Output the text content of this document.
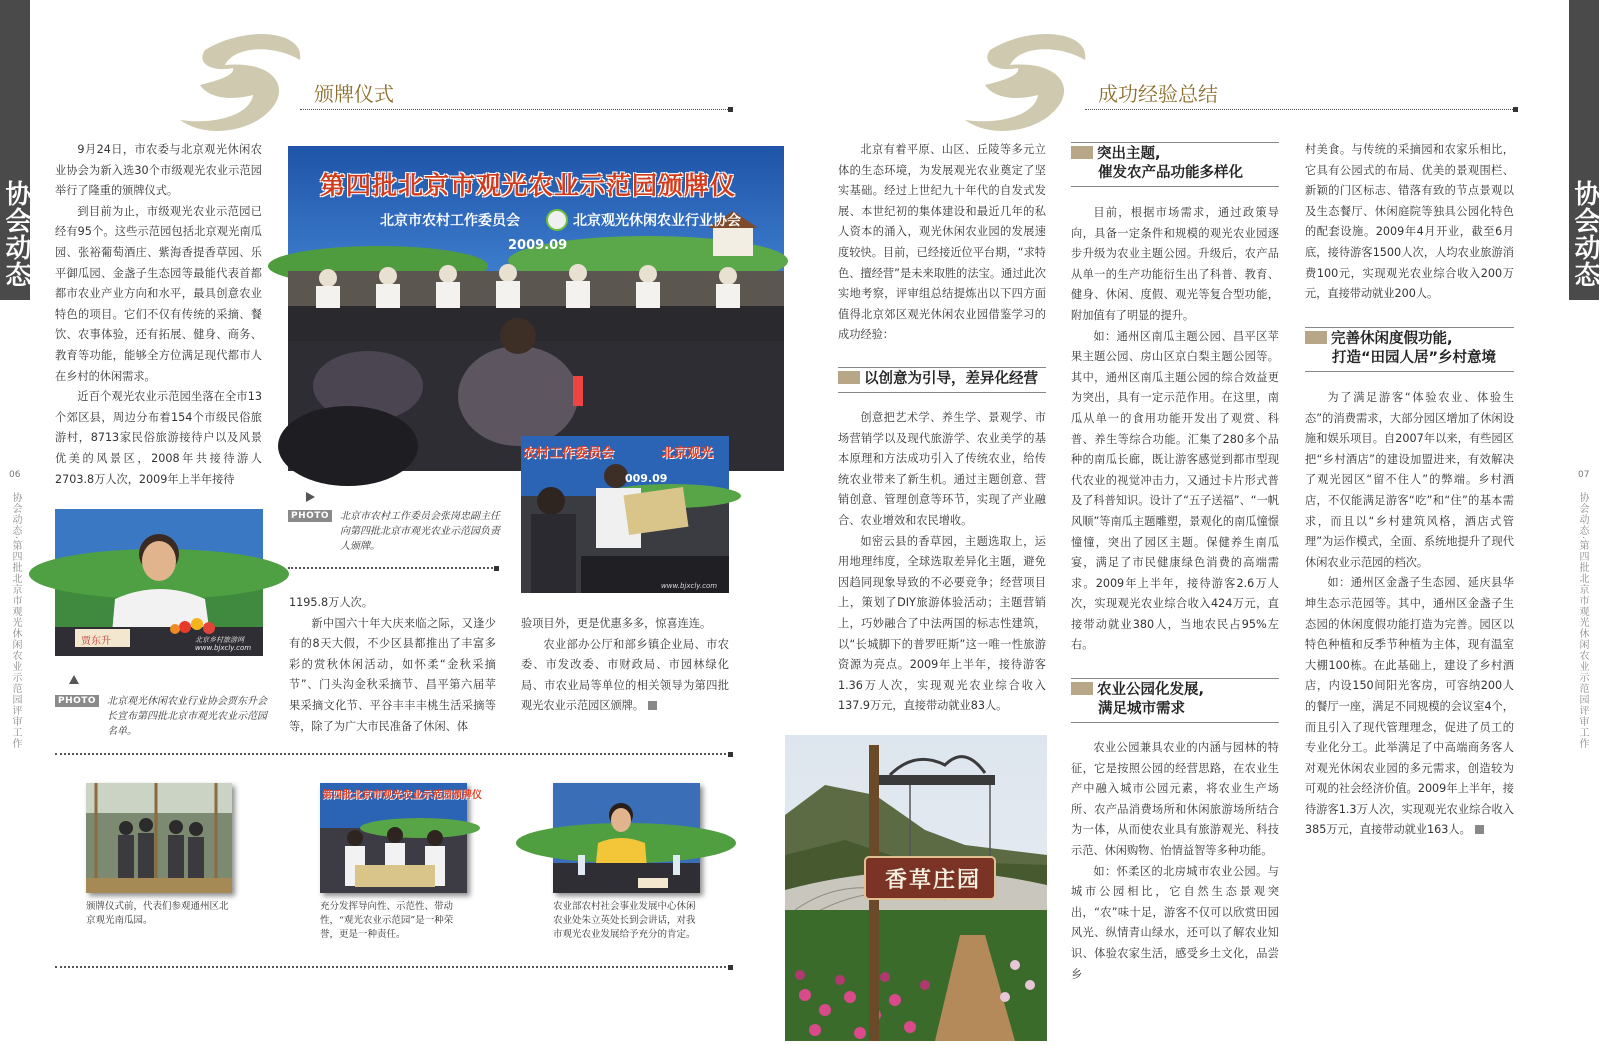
协会动态	协会动态
06
协会动态·第四批北京市观光休闲农业示范园评审工作
07
协会动态·第四批北京市观光休闲农业示范园评审工作
颁牌仪式	成功经验总结

9月24日，市农委与北京观光休闲农业协会为新入选30个市级观光农业示范园举行了隆重的颁牌仪式。

到目前为止，市级观光农业示范园已经有95个。这些示范园包括北京观光南瓜园、张裕葡萄酒庄、紫海香提香草园、乐平御瓜园、金盏子生态园等最能代表首都都市农业产业方向和水平，最具创意农业特色的项目。它们不仅有传统的采摘、餐饮、农事体验，还有拓展、健身、商务、教育等功能，能够全方位满足现代都市人在乡村的休闲需求。

近百个观光农业示范园坐落在全市13个郊区县，周边分布着154个市级民俗旅游村，8713家民俗旅游接待户以及风景优美的风景区，2008年共接待游人2703.8万人次，2009年上半年接待

1195.8万人次。

新中国六十年大庆来临之际，又逢少有的8天大假，不少区县都推出了丰富多彩的赏秋休闲活动，如怀柔“金秋采摘节”、门头沟金秋采摘节、昌平第六届苹果采摘文化节、平谷丰丰丰桃生活采摘等等，除了为广大市民准备了休闲、体

验项目外，更是优惠多多，惊喜连连。

农业部办公厅和部乡镇企业局、市农委、市发改委、市财政局、市园林绿化局、市农业局等单位的相关领导为第四批观光农业示范园区颁牌。

第四批北京市观光农业示范园颁牌仪
北京市农村工作委员会	北京观光休闲农业行业协会
2009.09
农村工作委员会	北京观光
009.09
www.bjxcly.com
PHOTO	北京市农村工作委员会张岗忠副主任向第四批北京市观光农业示范园负责人颁牌。
贾东升	北京乡村旅游网
www.bjxcly.com
PHOTO	北京观光休闲农业行业协会贾东升会长宣布第四批北京市观光农业示范园名单。
颁牌仪式前，代表们参观通州区北京观光南瓜园。
第四批北京市观光农业示范园颁牌仪
充分发挥导向性、示范性、带动性，“观光农业示范园”是一种荣誉，更是一种责任。
农业部农村社会事业发展中心休闲农业处朱立英处长到会讲话，对我市观光农业发展给予充分的肯定。

北京有着平原、山区、丘陵等多元立体的生态环境，为发展观光农业奠定了坚实基础。经过上世纪九十年代的自发式发展、本世纪初的集体建设和最近几年的私人资本的涌入，观光休闲农业园的发展速度较快。目前，已经接近位平台期，“求特色、擅经营”是未来取胜的法宝。通过此次实地考察，评审组总结提炼出以下四方面值得北京郊区观光休闲农业园借鉴学习的成功经验：

以创意为引导，差异化经营

创意把艺术学、养生学、景观学、市场营销学以及现代旅游学、农业美学的基本原理和方法成功引入了传统农业，给传统农业带来了新生机。通过主题创意、营销创意、管理创意等环节，实现了产业融合、农业增效和农民增收。

如密云县的香草园，主题选取上，运用地理纬度，全球选取差异化主题，避免因趋同现象导致的不必要竞争；经营项目上，策划了DIY旅游体验活动；主题营销上，巧妙融合了中法两国的标志性建筑，以“长城脚下的普罗旺斯”这一唯一性旅游资源为亮点。2009年上半年，接待游客1.36万人次，实现观光农业综合收入137.9万元，直接带动就业83人。

突出主题,
催发农产品功能多样化

目前，根据市场需求，通过政策导向，具备一定条件和规模的观光农业园逐步升级为农业主题公园。升级后，农产品从单一的生产功能衍生出了科普、教育、健身、休闲、度假、观光等复合型功能，附加值有了明显的提升。

如：通州区南瓜主题公园、昌平区苹果主题公园、房山区京白梨主题公园等。其中，通州区南瓜主题公园的综合效益更为突出，具有一定示范作用。在这里，南瓜从单一的食用功能开发出了观赏、科普、养生等综合功能。汇集了280多个品种的南瓜长廊，既让游客感觉到都市型现代农业的视觉冲击力，又通过卡片形式普及了科普知识。设计了“五子送福”、“一帆风顺”等南瓜主题雕塑，景观化的南瓜憧憬憧憧，突出了园区主题。保健养生南瓜宴，满足了市民健康绿色消费的高端需求。2009年上半年，接待游客2.6万人次，实现观光农业综合收入424万元，直接带动就业380人，当地农民占95%左右。

农业公园化发展,
满足城市需求

农业公园兼具农业的内涵与园林的特征，它是按照公园的经营思路，在农业生产中融入城市公园元素，将农业生产场所、农产品消费场所和休闲旅游场所结合为一体，从而使农业具有旅游观光、科技示范、休闲购物、怡情益智等多种功能。

如：怀柔区的北房城市农业公园。与城市公园相比，它自然生态景观突出，“农”味十足，游客不仅可以欣赏田园风光、纵情青山绿水，还可以了解农业知识、体验农家生活，感受乡土文化，品尝乡

村美食。与传统的采摘园和农家乐相比，它具有公园式的布局、优美的景观围栏、新颖的门区标志、错落有致的节点景观以及生态餐厅、休闲庭院等独具公园化特色的配套设施。2009年4月开业，截至6月底，接待游客1500人次，人均农业旅游消费100元，实现观光农业综合收入200万元，直接带动就业200人。

完善休闲度假功能,
打造“田园人居”乡村意境

为了满足游客“体验农业、体验生态”的消费需求，大部分园区增加了休闲设施和娱乐项目。自2007年以来，有些园区把“乡村酒店”的建设加盟进来，有效解决了观光园区“留不住人”的弊端。乡村酒店，不仅能满足游客“吃”和“住”的基本需求，而且以“乡村建筑风格，酒店式管理”为运作模式，全面、系统地提升了现代休闲农业示范园的档次。

如：通州区金盏子生态园、延庆县华坤生态示范园等。其中，通州区金盏子生态园的休闲度假功能打造为完善。园区以特色种植和反季节种植为主体，现有温室大棚100栋。在此基础上，建设了乡村酒店，内设150间阳光客房，可容纳200人的餐厅一座，满足不同规模的会议室4个，而且引入了现代管理理念，促进了员工的专业化分工。此举满足了中高端商务客人对观光休闲农业园的多元需求，创造较为可观的社会经济价值。2009年上半年，接待游客1.3万人次，实现观光农业综合收入385万元，直接带动就业163人。

香草庄园
